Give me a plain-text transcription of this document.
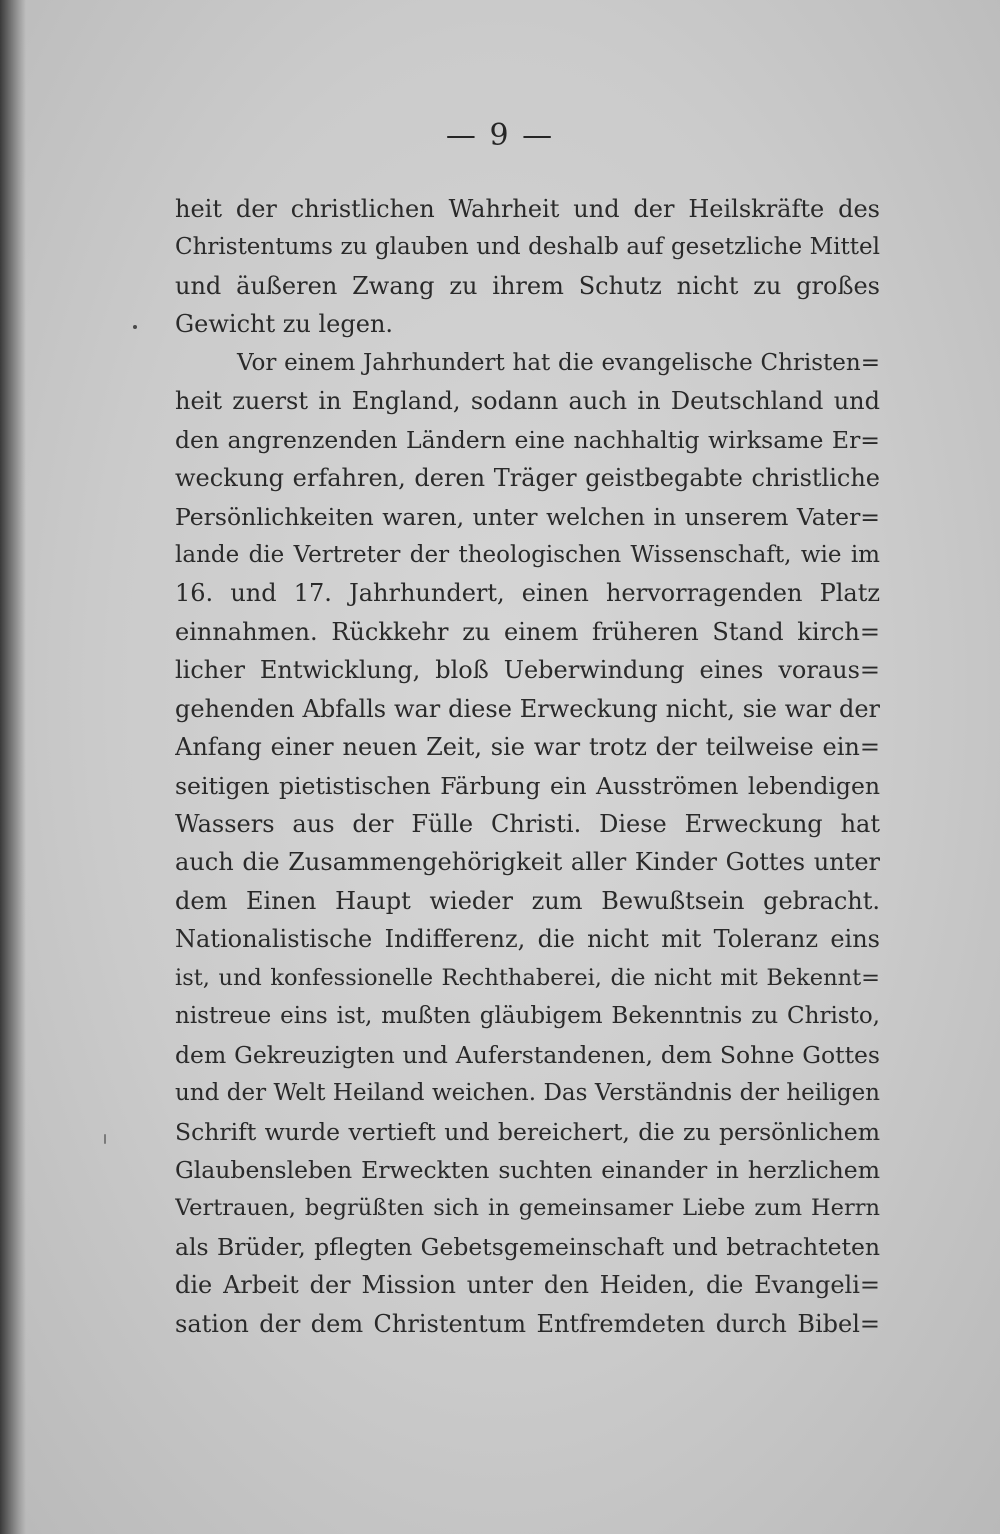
— 9 —
heit der christlichen Wahrheit und der Heilskräfte des
Christentums zu glauben und deshalb auf gesetzliche Mittel
und äußeren Zwang zu ihrem Schutz nicht zu großes
Gewicht zu legen.
Vor einem Jahrhundert hat die evangelische Christen=
heit zuerst in England, sodann auch in Deutschland und
den angrenzenden Ländern eine nachhaltig wirksame Er=
weckung erfahren, deren Träger geistbegabte christliche
Persönlichkeiten waren, unter welchen in unserem Vater=
lande die Vertreter der theologischen Wissenschaft, wie im
16. und 17. Jahrhundert, einen hervorragenden Platz
einnahmen. Rückkehr zu einem früheren Stand kirch=
licher Entwicklung, bloß Ueberwindung eines voraus=
gehenden Abfalls war diese Erweckung nicht, sie war der
Anfang einer neuen Zeit, sie war trotz der teilweise ein=
seitigen pietistischen Färbung ein Ausströmen lebendigen
Wassers aus der Fülle Christi. Diese Erweckung hat
auch die Zusammengehörigkeit aller Kinder Gottes unter
dem Einen Haupt wieder zum Bewußtsein gebracht.
Nationalistische Indifferenz, die nicht mit Toleranz eins
ist, und konfessionelle Rechthaberei, die nicht mit Bekennt=
nistreue eins ist, mußten gläubigem Bekenntnis zu Christo,
dem Gekreuzigten und Auferstandenen, dem Sohne Gottes
und der Welt Heiland weichen. Das Verständnis der heiligen
Schrift wurde vertieft und bereichert, die zu persönlichem
Glaubensleben Erweckten suchten einander in herzlichem
Vertrauen, begrüßten sich in gemeinsamer Liebe zum Herrn
als Brüder, pflegten Gebetsgemeinschaft und betrachteten
die Arbeit der Mission unter den Heiden, die Evangeli=
sation der dem Christentum Entfremdeten durch Bibel=
